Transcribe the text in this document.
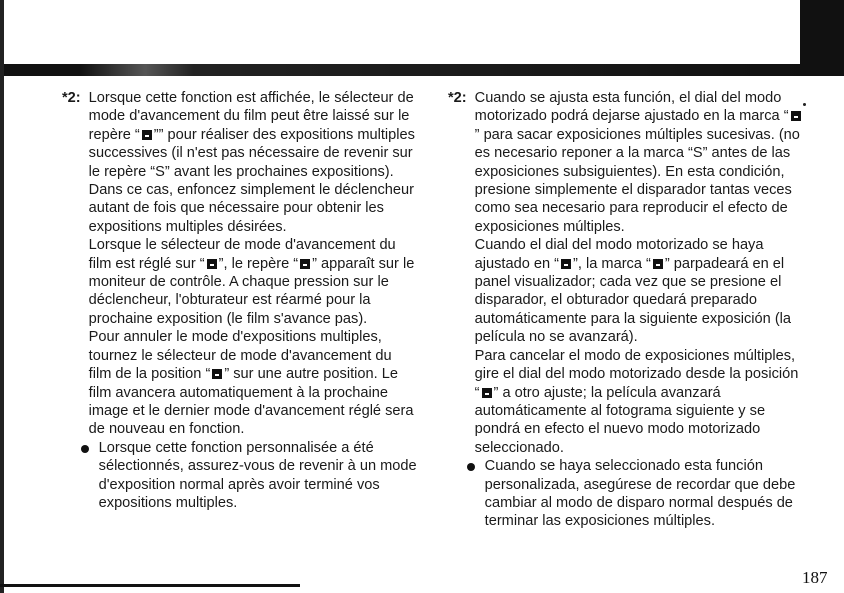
*2: Lorsque cette fonction est affichée, le sélecteur de mode d'avancement du film peut être laissé sur le repère “ ”” pour réaliser des expositions multiples successives (il n'est pas nécessaire de revenir sur le repère “S” avant les prochaines expositions). Dans ce cas, enfoncez simplement le déclencheur autant de fois que nécessaire pour obtenir les expositions multiples désirées.

Lorsque le sélecteur de mode d'avancement du film est réglé sur “ ”, le repère “ ” apparaît sur le moniteur de contrôle. A chaque pression sur le déclencheur, l'obturateur est réarmé pour la prochaine exposition (le film s'avance pas).

Pour annuler le mode d'expositions multiples, tournez le sélecteur de mode d'avancement du film de la position “ ” sur une autre position. Le film avancera automatiquement à la prochaine image et le dernier mode d'avancement réglé sera de nouveau en fonction.

Lorsque cette fonction personnalisée a été sélectionnés, assurez-vous de revenir à un mode d'exposition normal après avoir terminé vos expositions multiples.
*2: Cuando se ajusta esta función, el dial del modo motorizado podrá dejarse ajustado en la marca “” para sacar exposiciones múltiples sucesivas. (no es necesario reponer a la marca “S” antes de las exposiciones subsiguientes). En esta condición, presione simplemente el disparador tantas veces como sea necesario para reproducir el efecto de exposiciones múltiples.

Cuando el dial del modo motorizado se haya ajustado en “ ”, la marca “ ” parpadeará en el panel visualizador; cada vez que se presione el disparador, el obturador quedará preparado automáticamente para la siguiente exposición (la película no se avanzará).

Para cancelar el modo de exposiciones múltiples, gire el dial del modo motorizado desde la posición “ ” a otro ajuste; la película avanzará automáticamente al fotograma siguiente y se pondrá en efecto el nuevo modo motorizado seleccionado.

Cuando se haya seleccionado esta función personalizada, asegúrese de recordar que debe cambiar al modo de disparo normal después de terminar las exposiciones múltiples.
187
